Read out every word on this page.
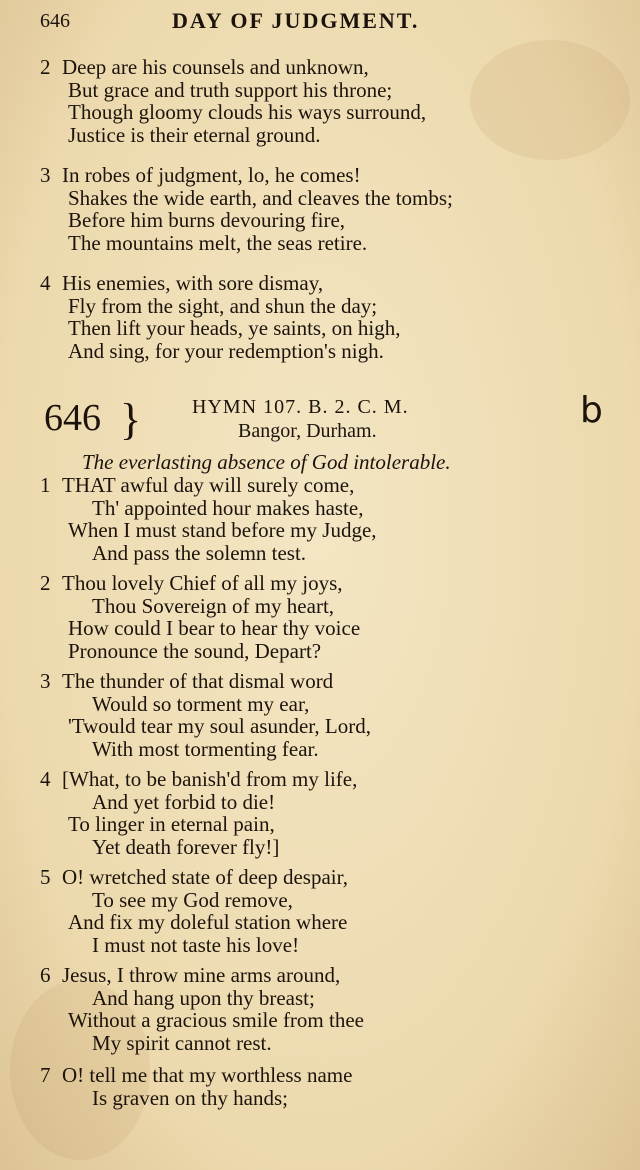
646	DAY OF JUDGMENT.
2 Deep are his counsels and unknown,
But grace and truth support his throne;
Though gloomy clouds his ways surround,
Justice is their eternal ground.
3 In robes of judgment, lo, he comes!
Shakes the wide earth, and cleaves the tombs;
Before him burns devouring fire,
The mountains melt, the seas retire.
4 His enemies, with sore dismay,
Fly from the sight, and shun the day;
Then lift your heads, ye saints, on high,
And sing, for your redemption's nigh.
646 }	HYMN 107. B. 2. C. M.
Bangor, Durham.	b
The everlasting absence of God intolerable.
1 THAT awful day will surely come,
Th' appointed hour makes haste,
When I must stand before my Judge,
And pass the solemn test.
2 Thou lovely Chief of all my joys,
Thou Sovereign of my heart,
How could I bear to hear thy voice
Pronounce the sound, Depart?
3 The thunder of that dismal word
Would so torment my ear,
'Twould tear my soul asunder, Lord,
With most tormenting fear.
4 [What, to be banish'd from my life,
And yet forbid to die!
To linger in eternal pain,
Yet death forever fly!]
5 O! wretched state of deep despair,
To see my God remove,
And fix my doleful station where
I must not taste his love!
6 Jesus, I throw mine arms around,
And hang upon thy breast;
Without a gracious smile from thee
My spirit cannot rest.
7 O! tell me that my worthless name
Is graven on thy hands;
